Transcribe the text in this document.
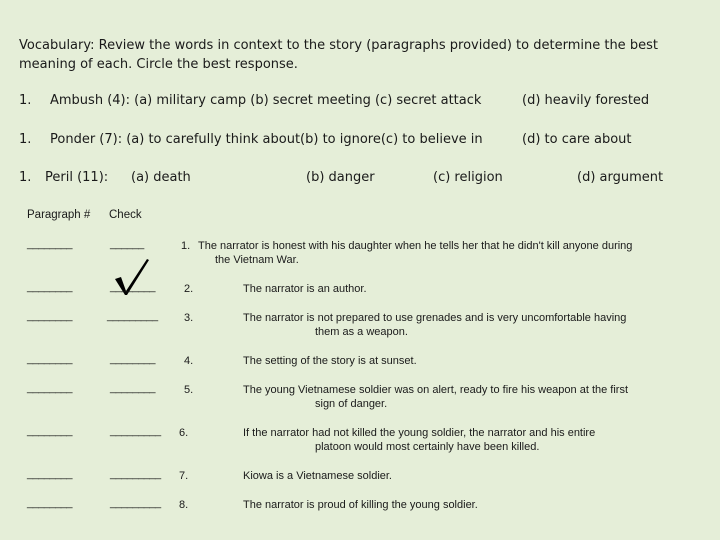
Vocabulary: Review the words in context to the story (paragraphs provided) to determine the best meaning of each. Circle the best response.
1. Ambush (4): (a) military camp (b) secret meeting (c) secret attack	(d) heavily forested
1. Ponder (7): (a) to carefully think about(b) to ignore(c) to believe in	(d) to care about
1. Peril (11): (a) death	(b) danger	(c) religion	(d) argument
Paragraph # Check
________	______	1. The narrator is honest with his daughter when he tells her that he didn't kill anyone during
the Vietnam War.
________	________	2.	The narrator is an author.
________	_________ 3.	The narrator is not prepared to use grenades and is very uncomfortable having
them as a weapon.
________	________	4.	The setting of the story is at sunset.
________	________	5.	The young Vietnamese soldier was on alert, ready to fire his weapon at the first
sign of danger.
________	_________ 6.	If the narrator had not killed the young soldier, the narrator and his entire
platoon would most certainly have been killed.
________	_________ 7.	Kiowa is a Vietnamese soldier.
________	_________ 8.	The narrator is proud of killing the young soldier.
